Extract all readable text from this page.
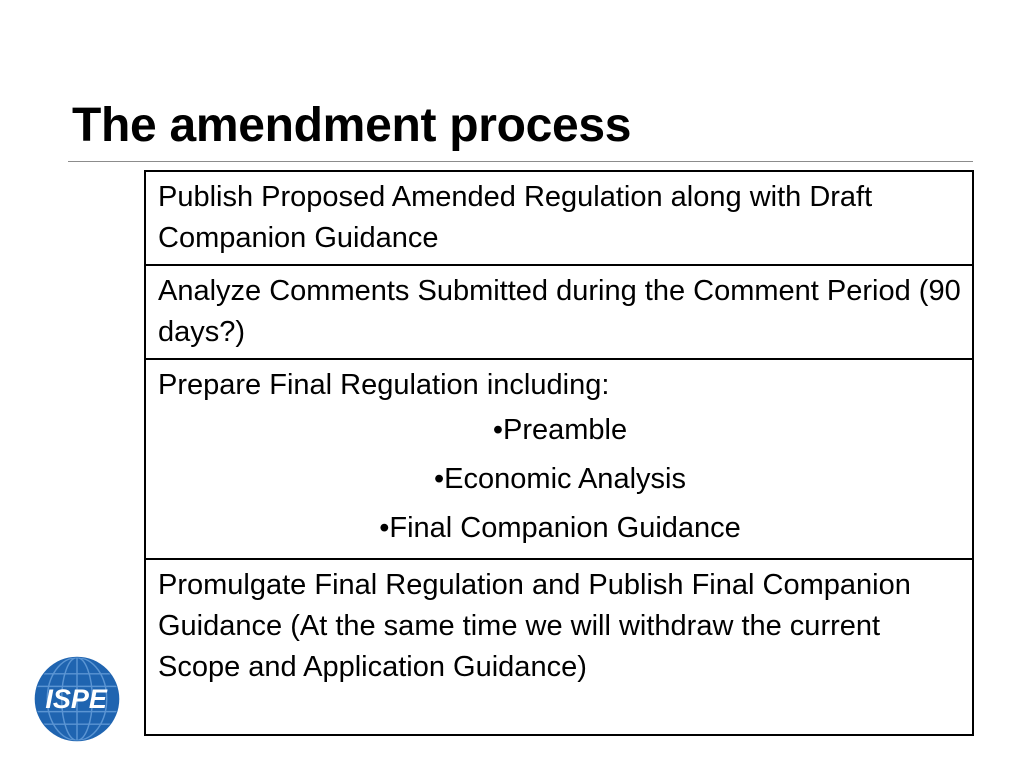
The amendment process
Publish Proposed Amended Regulation along with Draft Companion Guidance
Analyze Comments Submitted during the Comment Period (90 days?)
Prepare Final Regulation including:
•Preamble
•Economic Analysis
•Final Companion Guidance

Promulgate Final Regulation and Publish Final Companion Guidance (At the same time we will withdraw the current Scope and Application Guidance)
ISPE
